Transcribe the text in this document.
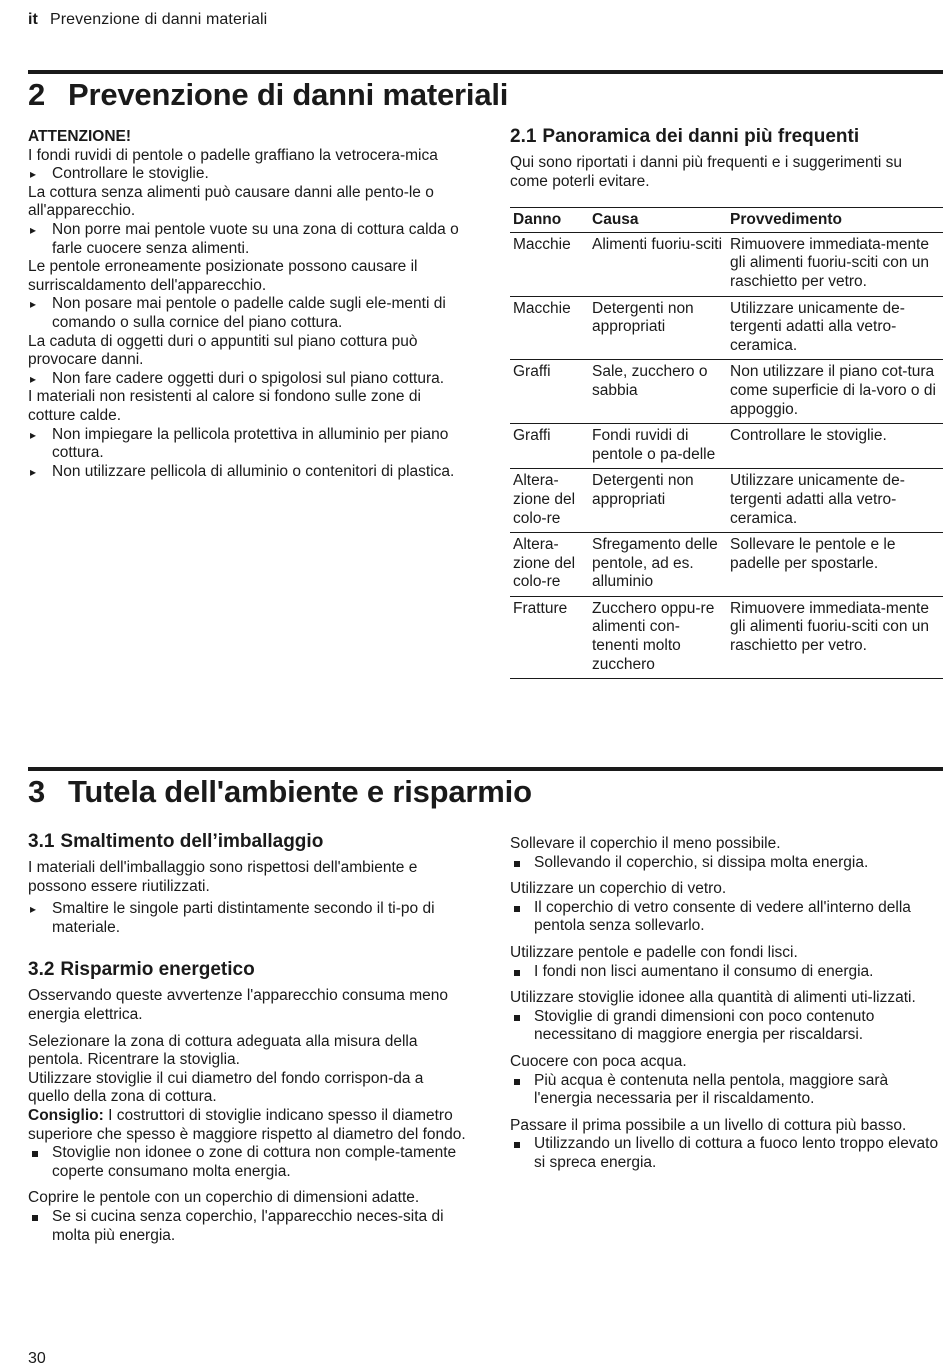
it Prevenzione di danni materiali
2 Prevenzione di danni materiali

ATTENZIONE!

I fondi ruvidi di pentole o padelle graffiano la vetrocera-mica

▸ Controllare le stoviglie.

La cottura senza alimenti può causare danni alle pento-le o all'apparecchio.

▸ Non porre mai pentole vuote su una zona di cottura calda o farle cuocere senza alimenti.

Le pentole erroneamente posizionate possono causare il surriscaldamento dell'apparecchio.

▸ Non posare mai pentole o padelle calde sugli ele-menti di comando o sulla cornice del piano cottura.

La caduta di oggetti duri o appuntiti sul piano cottura può provocare danni.

▸ Non fare cadere oggetti duri o spigolosi sul piano cottura.

I materiali non resistenti al calore si fondono sulle zone di cotture calde.

▸ Non impiegare la pellicola protettiva in alluminio per piano cottura.
▸ Non utilizzare pellicola di alluminio o contenitori di plastica.
2.1 Panoramica dei danni più frequenti

Qui sono riportati i danni più frequenti e i suggerimenti su come poterli evitare.

Danno	Causa	Provvedimento
Macchie	Alimenti fuoriu-sciti	Rimuovere immediata-mente gli alimenti fuoriu-sciti con un raschietto per vetro.
Macchie	Detergenti non appropriati	Utilizzare unicamente de-tergenti adatti alla vetro-ceramica.
Graffi	Sale, zucchero o sabbia	Non utilizzare il piano cot-tura come superficie di la-voro o di appoggio.
Graffi	Fondi ruvidi di pentole o pa-delle	Controllare le stoviglie.
Altera-zione del colo-re	Detergenti non appropriati	Utilizzare unicamente de-tergenti adatti alla vetro-ceramica.
Altera-zione del colo-re	Sfregamento delle pentole, ad es. alluminio	Sollevare le pentole e le padelle per spostarle.
Fratture	Zucchero oppu-re alimenti con-tenenti molto zucchero	Rimuovere immediata-mente gli alimenti fuoriu-sciti con un raschietto per vetro.
3 Tutela dell'ambiente e risparmio
3.1 Smaltimento dell’imballaggio

I materiali dell'imballaggio sono rispettosi dell'ambiente e possono essere riutilizzati.

▸ Smaltire le singole parti distintamente secondo il ti-po di materiale.
3.2 Risparmio energetico

Osservando queste avvertenze l'apparecchio consuma meno energia elettrica.

Selezionare la zona di cottura adeguata alla misura della pentola. Ricentrare la stoviglia.

Utilizzare stoviglie il cui diametro del fondo corrispon-da a quello della zona di cottura.

Consiglio: I costruttori di stoviglie indicano spesso il diametro superiore che spesso è maggiore rispetto al diametro del fondo.

Stoviglie non idonee o zone di cottura non comple-tamente coperte consumano molta energia.

Coprire le pentole con un coperchio di dimensioni adatte.

Se si cucina senza coperchio, l'apparecchio neces-sita di molta più energia.

Sollevare il coperchio il meno possibile.

Sollevando il coperchio, si dissipa molta energia.

Utilizzare un coperchio di vetro.

Il coperchio di vetro consente di vedere all'interno della pentola senza sollevarlo.

Utilizzare pentole e padelle con fondi lisci.

I fondi non lisci aumentano il consumo di energia.

Utilizzare stoviglie idonee alla quantità di alimenti uti-lizzati.

Stoviglie di grandi dimensioni con poco contenuto necessitano di maggiore energia per riscaldarsi.

Cuocere con poca acqua.

Più acqua è contenuta nella pentola, maggiore sarà l'energia necessaria per il riscaldamento.

Passare il prima possibile a un livello di cottura più basso.

Utilizzando un livello di cottura a fuoco lento troppo elevato si spreca energia.
30
